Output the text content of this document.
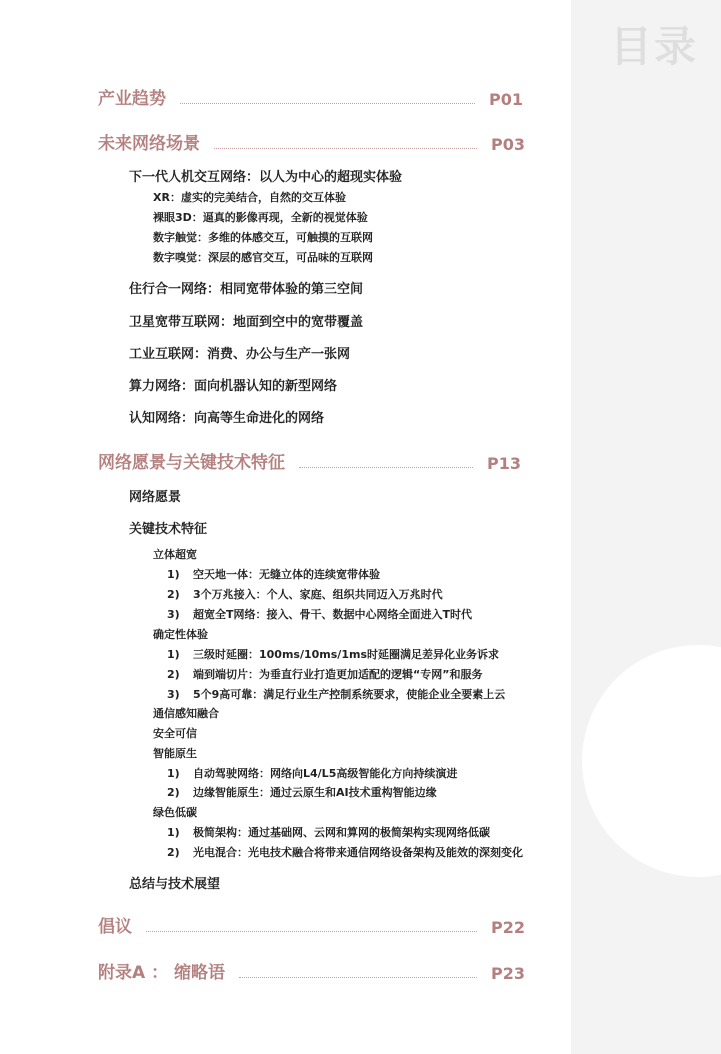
目录
产业趋势	P01
未来网络场景	P03
下一代人机交互网络：以人为中心的超现实体验
XR：虚实的完美结合，自然的交互体验
裸眼3D：逼真的影像再现，全新的视觉体验
数字触觉：多维的体感交互，可触摸的互联网
数字嗅觉：深层的感官交互，可品味的互联网
住行合一网络：相同宽带体验的第三空间
卫星宽带互联网：地面到空中的宽带覆盖
工业互联网：消费、办公与生产一张网
算力网络：面向机器认知的新型网络
认知网络：向高等生命进化的网络
网络愿景与关键技术特征	P13
网络愿景
关键技术特征
立体超宽
1) 空天地一体：无缝立体的连续宽带体验
2) 3个万兆接入：个人、家庭、组织共同迈入万兆时代
3) 超宽全T网络：接入、骨干、数据中心网络全面进入T时代
确定性体验
1) 三级时延圈：100ms/10ms/1ms时延圈满足差异化业务诉求
2) 端到端切片：为垂直行业打造更加适配的逻辑“专网”和服务
3) 5个9高可靠：满足行业生产控制系统要求，使能企业全要素上云
通信感知融合
安全可信
智能原生
1) 自动驾驶网络：网络向L4/L5高级智能化方向持续演进
2) 边缘智能原生：通过云原生和AI技术重构智能边缘
绿色低碳
1) 极简架构：通过基础网、云网和算网的极简架构实现网络低碳
2) 光电混合：光电技术融合将带来通信网络设备架构及能效的深刻变化
总结与技术展望
倡议	P22
附录A ： 缩略语	P23
